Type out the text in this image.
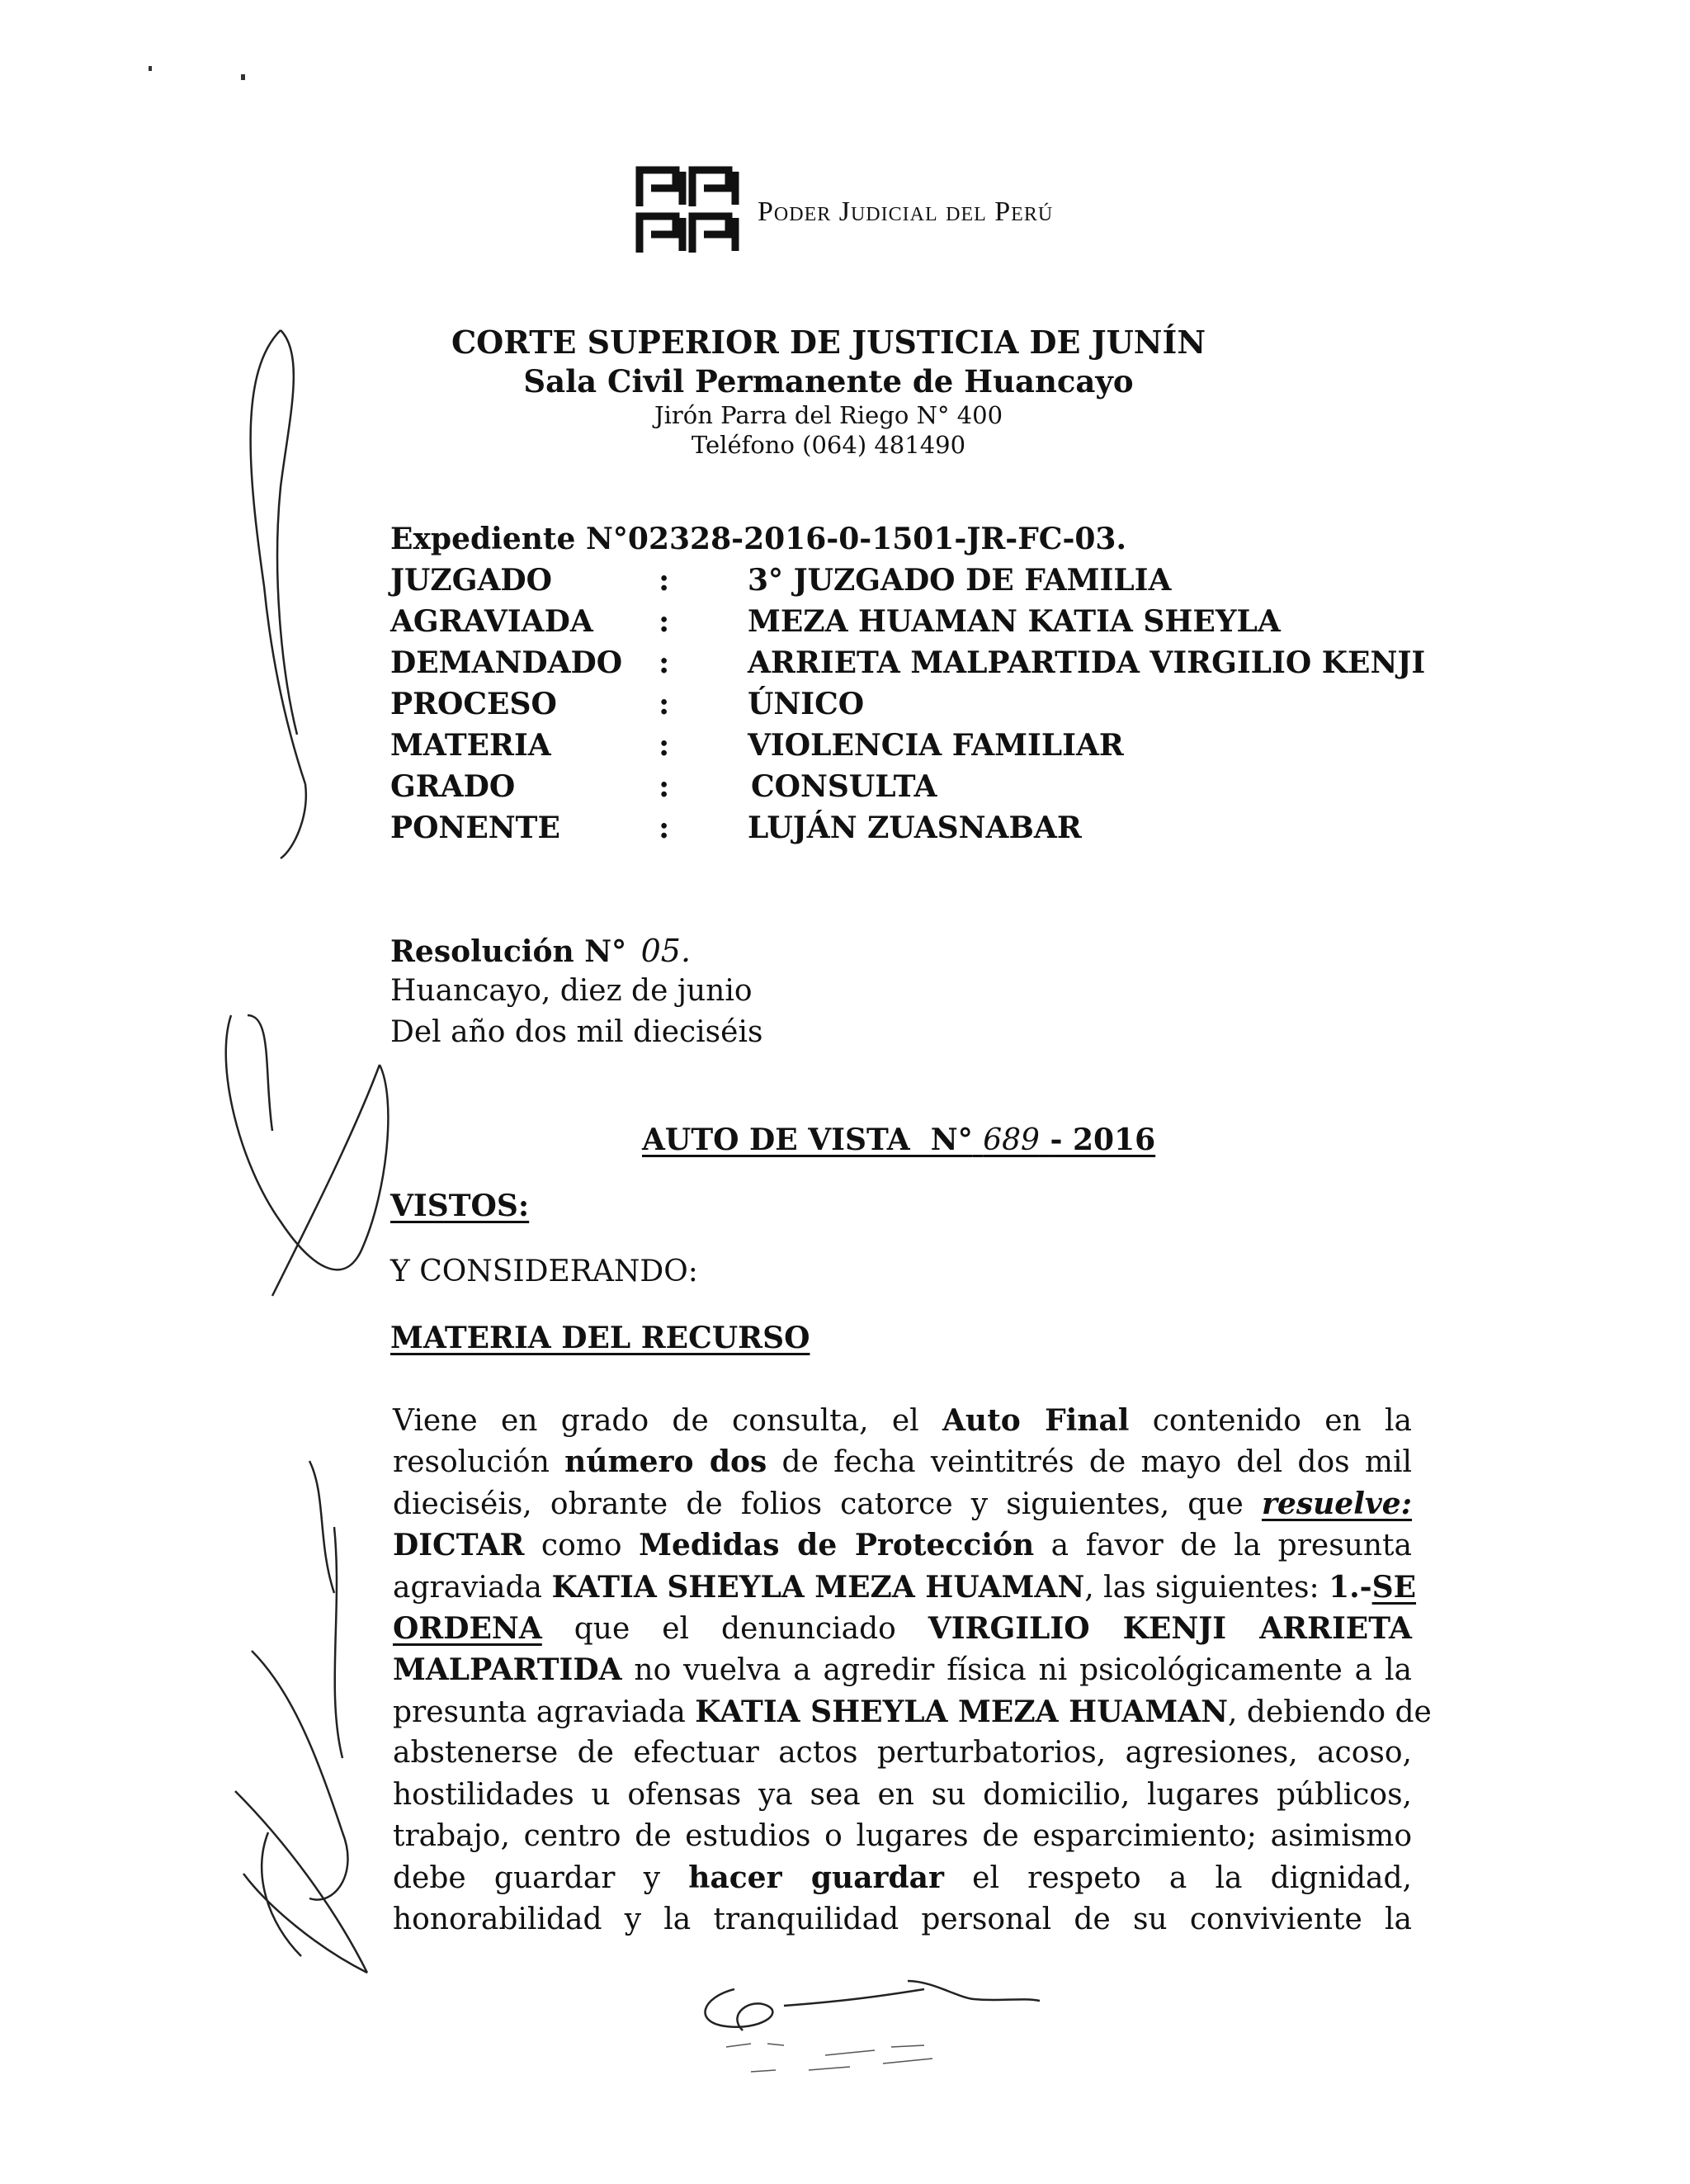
Poder Judicial del Perú
CORTE SUPERIOR DE JUSTICIA DE JUNÍN
Sala Civil Permanente de Huancayo
Jirón Parra del Riego N° 400
Teléfono (064) 481490
Expediente N°02328-2016-0-1501-JR-FC-03.
JUZGADO	:	3° JUZGADO DE FAMILIA
AGRAVIADA :	MEZA HUAMAN KATIA SHEYLA
DEMANDADO :	ARRIETA MALPARTIDA VIRGILIO KENJI
PROCESO	:	ÚNICO
MATERIA	:	VIOLENCIA FAMILIAR
GRADO	:	CONSULTA
PONENTE	:	LUJÁN ZUASNABAR
Resolución N° 05.
Huancayo, diez de junio
Del año dos mil dieciséis
AUTO DE VISTA  N° 689 - 2016
VISTOS:
Y CONSIDERANDO:
MATERIA DEL RECURSO
Viene en grado de consulta, el Auto Final contenido en la
resolución número dos de fecha veintitrés de mayo del dos mil
dieciséis, obrante de folios catorce y siguientes, que resuelve:
DICTAR como Medidas de Protección a favor de la presunta
agraviada KATIA SHEYLA MEZA HUAMAN, las siguientes: 1.-SE
ORDENA que el denunciado VIRGILIO KENJI ARRIETA
MALPARTIDA no vuelva a agredir física ni psicológicamente a la
presunta agraviada KATIA SHEYLA MEZA HUAMAN, debiendo de
abstenerse de efectuar actos perturbatorios, agresiones, acoso,
hostilidades u ofensas ya sea en su domicilio, lugares públicos,
trabajo, centro de estudios o lugares de esparcimiento; asimismo
debe guardar y hacer guardar el respeto a la dignidad,
honorabilidad y la tranquilidad personal de su conviviente la
